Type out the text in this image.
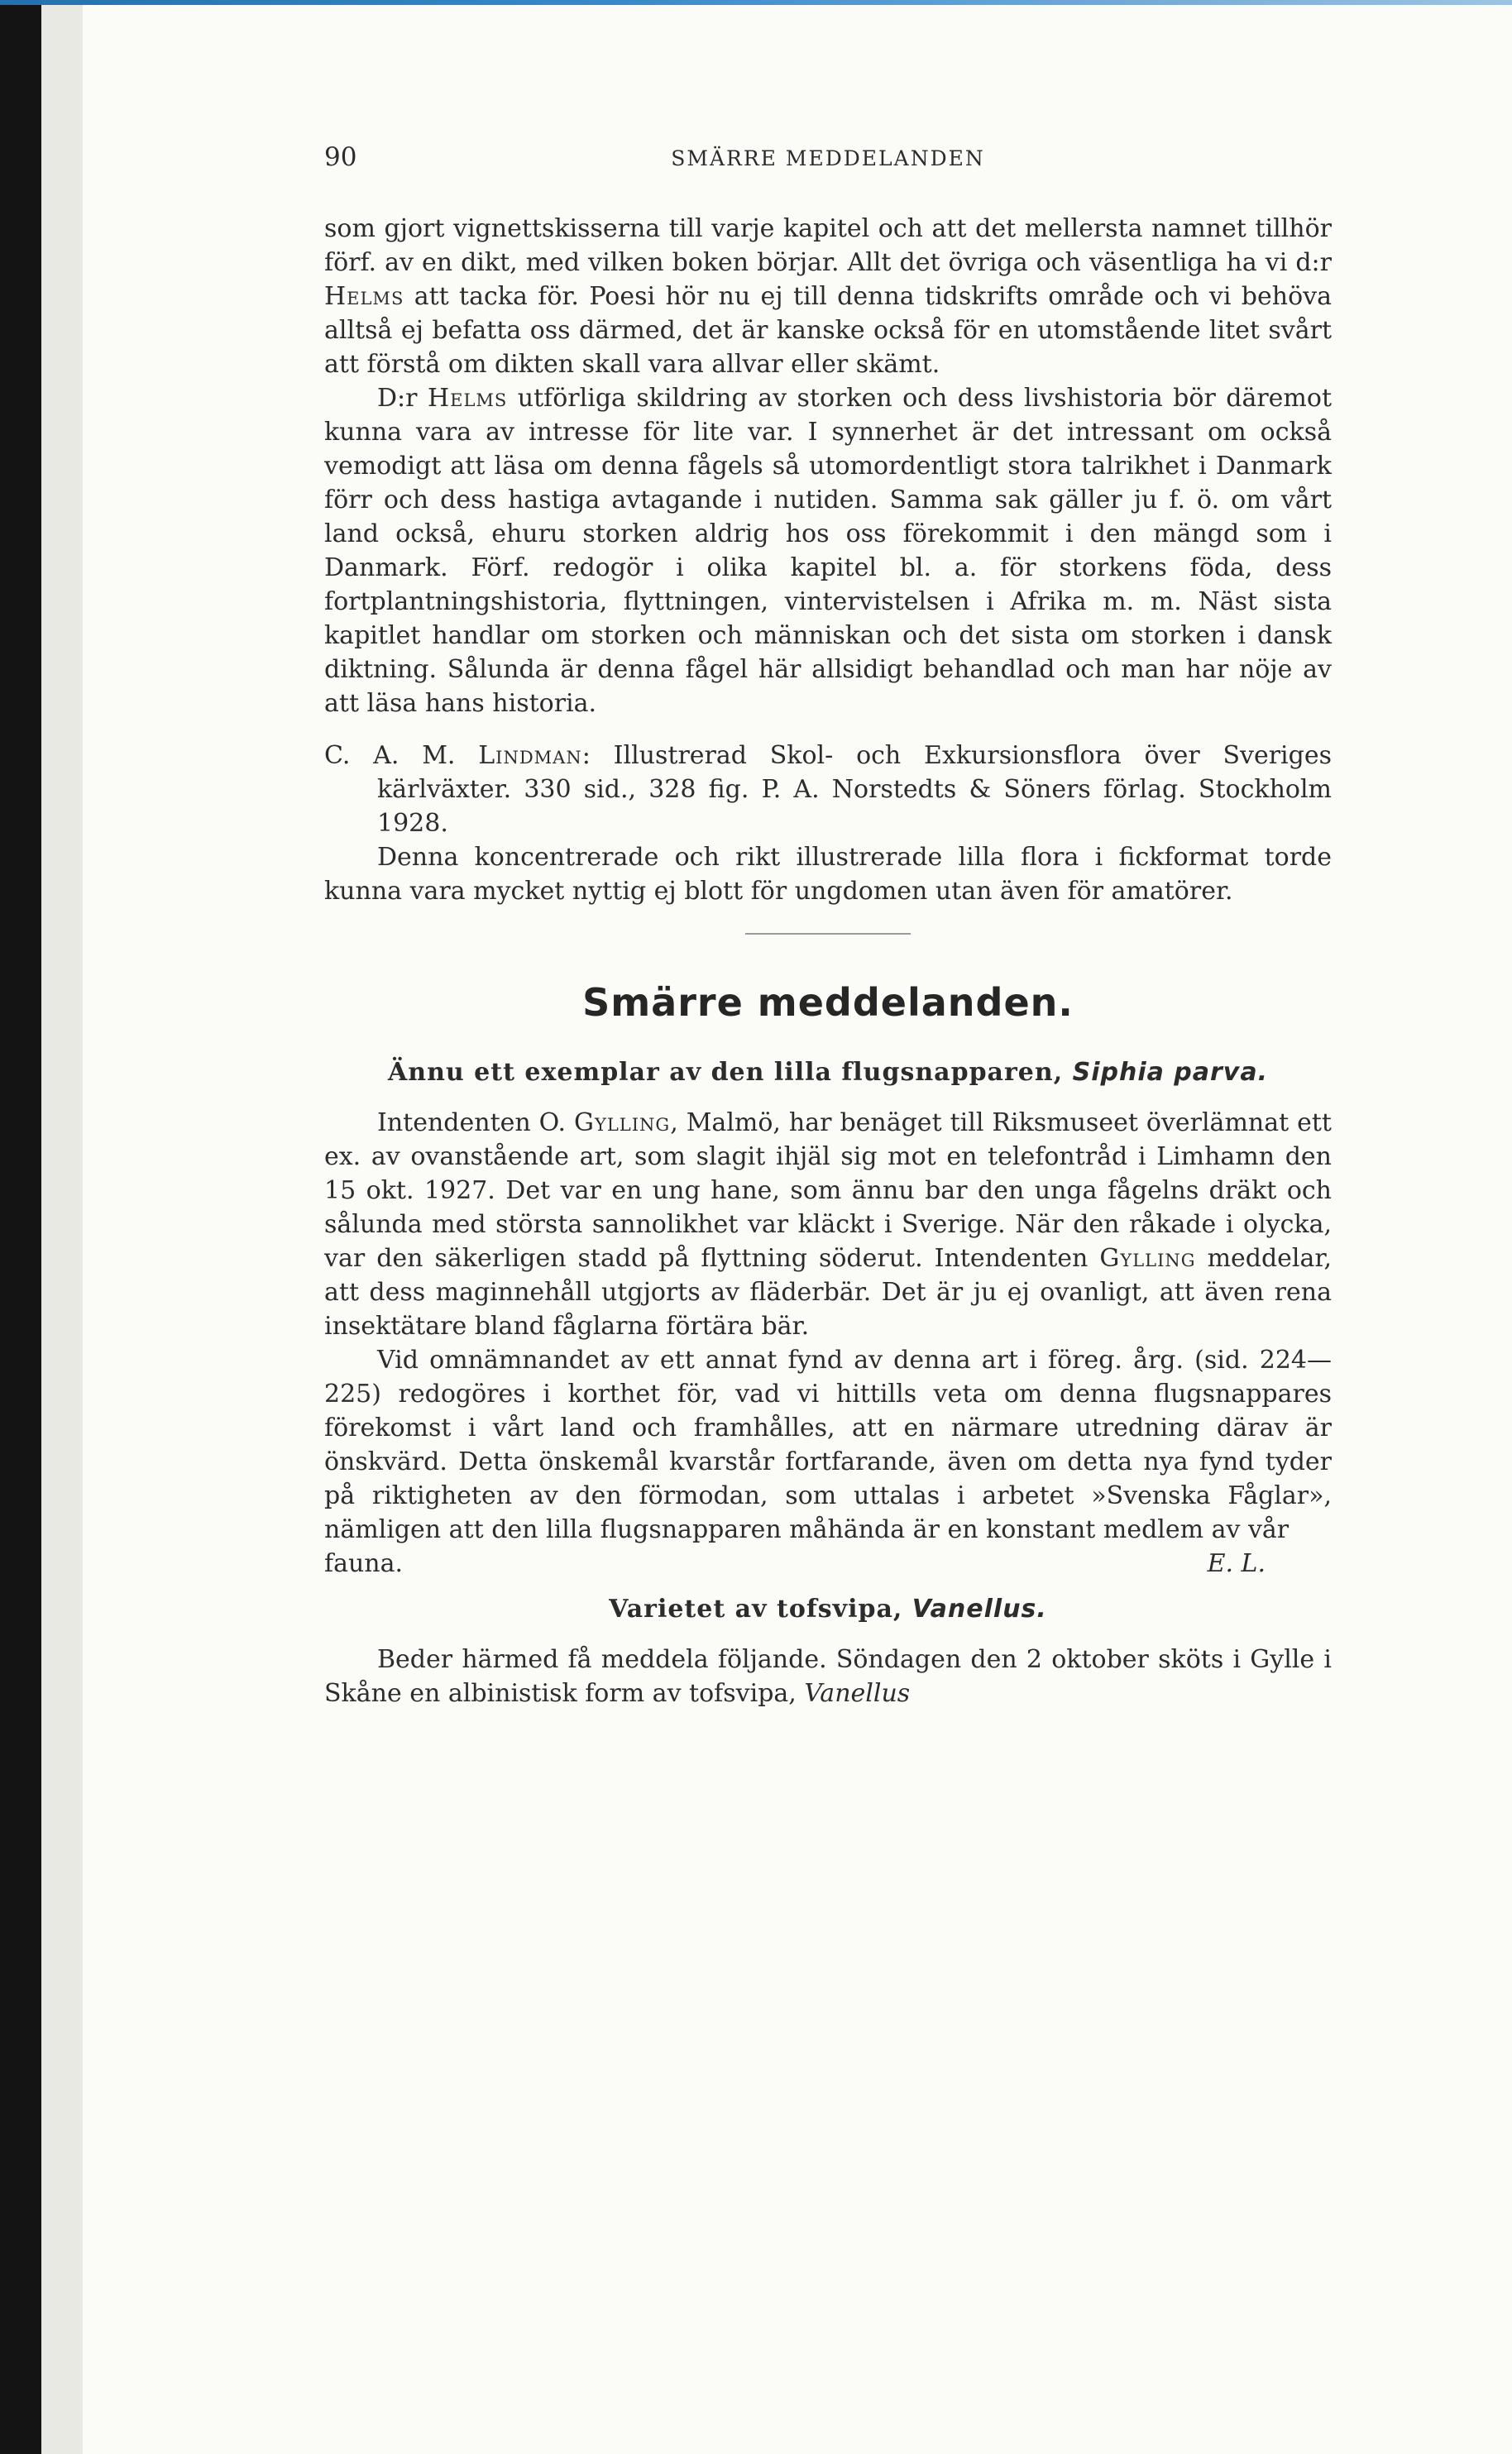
90	SMÄRRE MEDDELANDEN

som gjort vignettskisserna till varje kapitel och att det mellersta namnet tillhör förf. av en dikt, med vilken boken börjar. Allt det övriga och väsentliga ha vi d:r Helms att tacka för. Poesi hör nu ej till denna tidskrifts område och vi behöva alltså ej befatta oss därmed, det är kanske också för en utomstående litet svårt att förstå om dikten skall vara allvar eller skämt.

D:r Helms utförliga skildring av storken och dess livshistoria bör däremot kunna vara av intresse för lite var. I synnerhet är det intressant om också vemodigt att läsa om denna fågels så utomordentligt stora talrikhet i Danmark förr och dess hastiga avtagande i nutiden. Samma sak gäller ju f. ö. om vårt land också, ehuru storken aldrig hos oss förekommit i den mängd som i Danmark. Förf. redogör i olika kapitel bl. a. för storkens föda, dess fortplantningshistoria, flyttningen, vintervistelsen i Afrika m. m. Näst sista kapitlet handlar om storken och människan och det sista om storken i dansk diktning. Sålunda är denna fågel här allsidigt behandlad och man har nöje av att läsa hans historia.

C. A. M. Lindman: Illustrerad Skol- och Exkursionsflora över Sveriges kärlväxter. 330 sid., 328 fig. P. A. Norstedts & Söners förlag. Stockholm 1928.

Denna koncentrerade och rikt illustrerade lilla flora i fickformat torde kunna vara mycket nyttig ej blott för ungdomen utan även för amatörer.

Smärre meddelanden.
Ännu ett exemplar av den lilla flugsnapparen, Siphia parva.

Intendenten O. Gylling, Malmö, har benäget till Riksmuseet överlämnat ett ex. av ovanstående art, som slagit ihjäl sig mot en telefontråd i Limhamn den 15 okt. 1927. Det var en ung hane, som ännu bar den unga fågelns dräkt och sålunda med största sannolikhet var kläckt i Sverige. När den råkade i olycka, var den säkerligen stadd på flyttning söderut. Intendenten Gylling meddelar, att dess maginnehåll utgjorts av fläderbär. Det är ju ej ovanligt, att även rena insektätare bland fåglarna förtära bär.

Vid omnämnandet av ett annat fynd av denna art i föreg. årg. (sid. 224—225) redogöres i korthet för, vad vi hittills veta om denna flugsnappares förekomst i vårt land och framhålles, att en närmare utredning därav är önskvärd. Detta önskemål kvarstår fortfarande, även om detta nya fynd tyder på riktigheten av den förmodan, som uttalas i arbetet »Svenska Fåglar», nämligen att den lilla flugsnapparen måhända är en konstant medlem av vår

fauna.	E. L.
Varietet av tofsvipa, Vanellus.

Beder härmed få meddela följande. Söndagen den 2 oktober sköts i Gylle i Skåne en albinistisk form av tofsvipa, Vanellus
